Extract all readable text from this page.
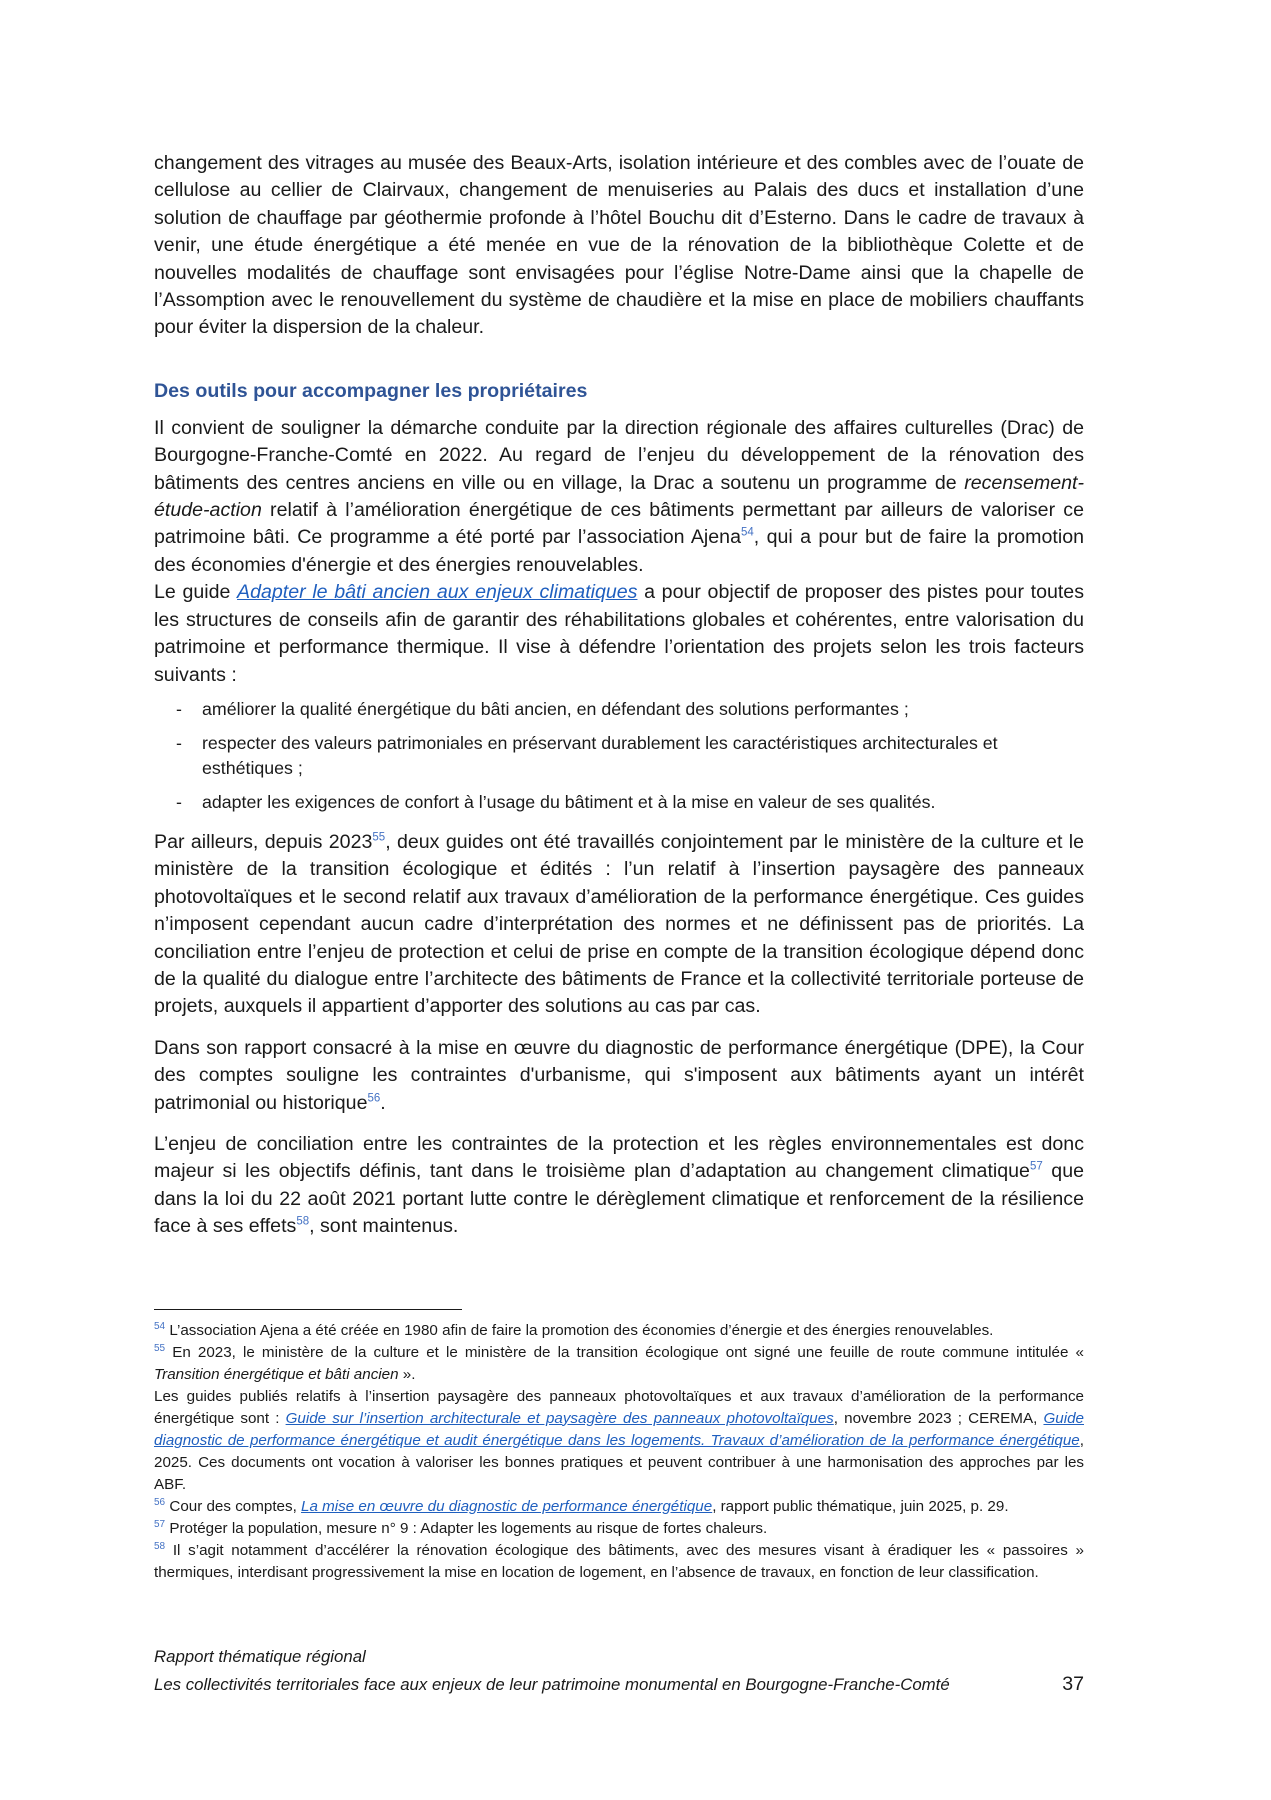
changement des vitrages au musée des Beaux-Arts, isolation intérieure et des combles avec de l’ouate de cellulose au cellier de Clairvaux, changement de menuiseries au Palais des ducs et installation d’une solution de chauffage par géothermie profonde à l’hôtel Bouchu dit d’Esterno. Dans le cadre de travaux à venir, une étude énergétique a été menée en vue de la rénovation de la bibliothèque Colette et de nouvelles modalités de chauffage sont envisagées pour l’église Notre-Dame ainsi que la chapelle de l’Assomption avec le renouvellement du système de chaudière et la mise en place de mobiliers chauffants pour éviter la dispersion de la chaleur.

Des outils pour accompagner les propriétaires

Il convient de souligner la démarche conduite par la direction régionale des affaires culturelles (Drac) de Bourgogne-Franche-Comté en 2022. Au regard de l’enjeu du développement de la rénovation des bâtiments des centres anciens en ville ou en village, la Drac a soutenu un programme de recensement-étude-action relatif à l’amélioration énergétique de ces bâtiments permettant par ailleurs de valoriser ce patrimoine bâti. Ce programme a été porté par l’association Ajena$^{54}$, qui a pour but de faire la promotion des économies d'énergie et des énergies renouvelables.

Le guide Adapter le bâti ancien aux enjeux climatiques a pour objectif de proposer des pistes pour toutes les structures de conseils afin de garantir des réhabilitations globales et cohérentes, entre valorisation du patrimoine et performance thermique. Il vise à défendre l’orientation des projets selon les trois facteurs suivants :

- améliorer la qualité énergétique du bâti ancien, en défendant des solutions performantes ;
- respecter des valeurs patrimoniales en préservant durablement les caractéristiques architecturales et esthétiques ;
- adapter les exigences de confort à l’usage du bâtiment et à la mise en valeur de ses qualités.

Par ailleurs, depuis 2023$^{55}$, deux guides ont été travaillés conjointement par le ministère de la culture et le ministère de la transition écologique et édités : l’un relatif à l’insertion paysagère des panneaux photovoltaïques et le second relatif aux travaux d’amélioration de la performance énergétique. Ces guides n’imposent cependant aucun cadre d’interprétation des normes et ne définissent pas de priorités. La conciliation entre l’enjeu de protection et celui de prise en compte de la transition écologique dépend donc de la qualité du dialogue entre l’architecte des bâtiments de France et la collectivité territoriale porteuse de projets, auxquels il appartient d’apporter des solutions au cas par cas.

Dans son rapport consacré à la mise en œuvre du diagnostic de performance énergétique (DPE), la Cour des comptes souligne les contraintes d'urbanisme, qui s'imposent aux bâtiments ayant un intérêt patrimonial ou historique$^{56}$.

L’enjeu de conciliation entre les contraintes de la protection et les règles environnementales est donc majeur si les objectifs définis, tant dans le troisième plan d’adaptation au changement climatique$^{57}$ que dans la loi du 22 août 2021 portant lutte contre le dérèglement climatique et renforcement de la résilience face à ses effets$^{58}$, sont maintenus.

$^{54}$ L’association Ajena a été créée en 1980 afin de faire la promotion des économies d’énergie et des énergies renouvelables.

$^{55}$ En 2023, le ministère de la culture et le ministère de la transition écologique ont signé une feuille de route commune intitulée « Transition énergétique et bâti ancien ».

Les guides publiés relatifs à l’insertion paysagère des panneaux photovoltaïques et aux travaux d’amélioration de la performance énergétique sont : Guide sur l’insertion architecturale et paysagère des panneaux photovoltaïques, novembre 2023 ; CEREMA, Guide diagnostic de performance énergétique et audit énergétique dans les logements. Travaux d’amélioration de la performance énergétique, 2025. Ces documents ont vocation à valoriser les bonnes pratiques et peuvent contribuer à une harmonisation des approches par les ABF.

$^{56}$ Cour des comptes, La mise en œuvre du diagnostic de performance énergétique, rapport public thématique, juin 2025, p. 29.

$^{57}$ Protéger la population, mesure n° 9 : Adapter les logements au risque de fortes chaleurs.

$^{58}$ Il s’agit notamment d’accélérer la rénovation écologique des bâtiments, avec des mesures visant à éradiquer les « passoires » thermiques, interdisant progressivement la mise en location de logement, en l’absence de travaux, en fonction de leur classification.

Rapport thématique régional
Les collectivités territoriales face aux enjeux de leur patrimoine monumental en Bourgogne-Franche-Comté	37
